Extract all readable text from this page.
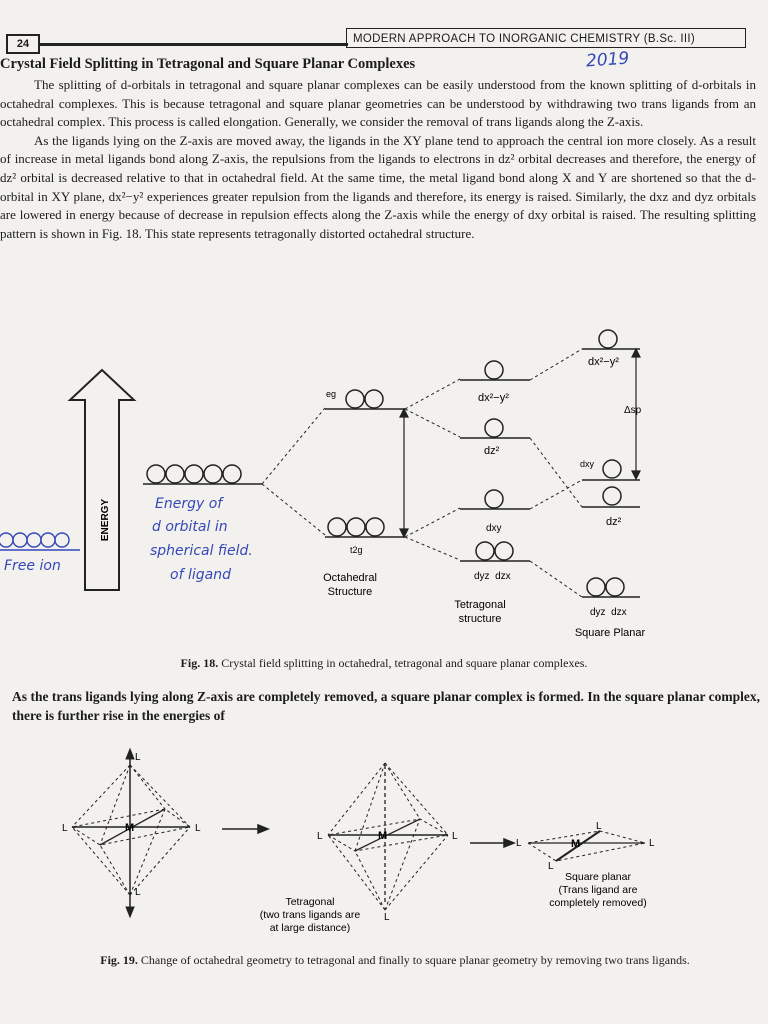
24	MODERN APPROACH TO INORGANIC CHEMISTRY (B.Sc. III)
Crystal Field Splitting in Tetragonal and Square Planar Complexes	2019

The splitting of d-orbitals in tetragonal and square planar complexes can be easily understood from the known splitting of d-orbitals in octahedral complexes. This is because tetragonal and square planar geometries can be understood by withdrawing two trans ligands from an octahedral complex. This process is called elongation. Generally, we consider the removal of trans ligands along the Z-axis.

As the ligands lying on the Z-axis are moved away, the ligands in the XY plane tend to approach the central ion more closely. As a result of increase in metal ligands bond along Z-axis, the repulsions from the ligands to electrons in dz² orbital decreases and therefore, the energy of dz² orbital is decreased relative to that in octahedral field. At the same time, the metal ligand bond along X and Y are shortened so that the d-orbital in XY plane, dx²−y² experiences greater repulsion from the ligands and therefore, its energy is raised. Similarly, the dxz and dyz orbitals are lowered in energy because of decrease in repulsion effects along the Z-axis while the energy of dxy orbital is raised. The resulting splitting pattern is shown in Fig. 18. This state represents tetragonally distorted octahedral structure.

ENERGY
Free ion
Energy of
d orbital in
spherical field.
of ligand
eg
t2g
Octahedral
Structure
dx²−y²
dz²
dxy
dyz  dzx
Tetragonal
structure
dx²−y²
dxy
dz²
dyz  dzx
Δsp
Square Planar
Fig. 18. Crystal field splitting in octahedral, tetragonal and square planar complexes.
As the trans ligands lying along Z-axis are completely removed, a square planar complex is formed. In the square planar complex, there is further rise in the energies of
L
L	L
L
M
L	L
L
M
Tetragonal
(two trans ligands are
at large distance)
L	L
L
L
M
Square planar
(Trans ligand are
completely removed)
Fig. 19. Change of octahedral geometry to tetragonal and finally to square planar geometry by removing two trans ligands.
